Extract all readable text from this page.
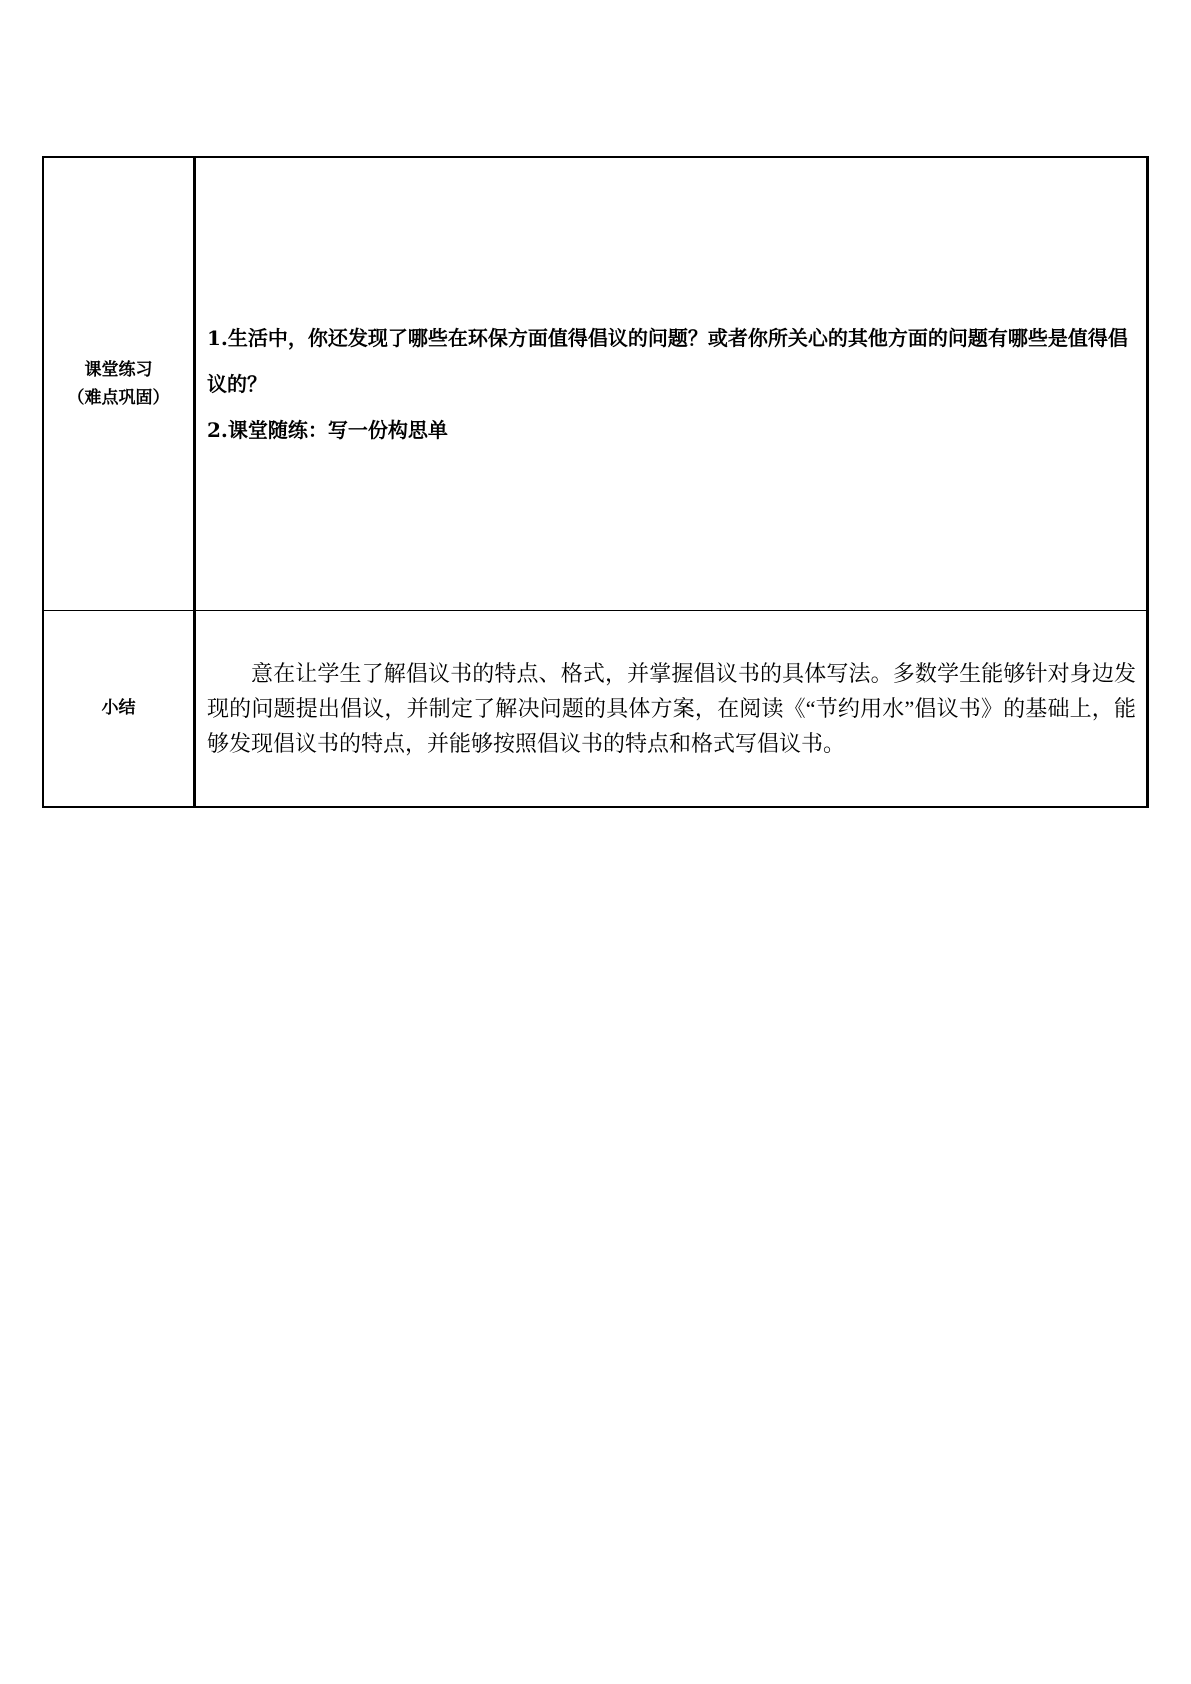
课堂练习
（难点巩固）	1.生活中，你还发现了哪些在环保方面值得倡议的问题？或者你所关心的其他方面的问题有哪些是值得倡议的？
2.课堂随练：写一份构思单

小结	意在让学生了解倡议书的特点、格式，并掌握倡议书的具体写法。多数学生能够针对身边发现的问题提出倡议，并制定了解决问题的具体方案，在阅读《“节约用水”倡议书》的基础上，能够发现倡议书的特点，并能够按照倡议书的特点和格式写倡议书。
